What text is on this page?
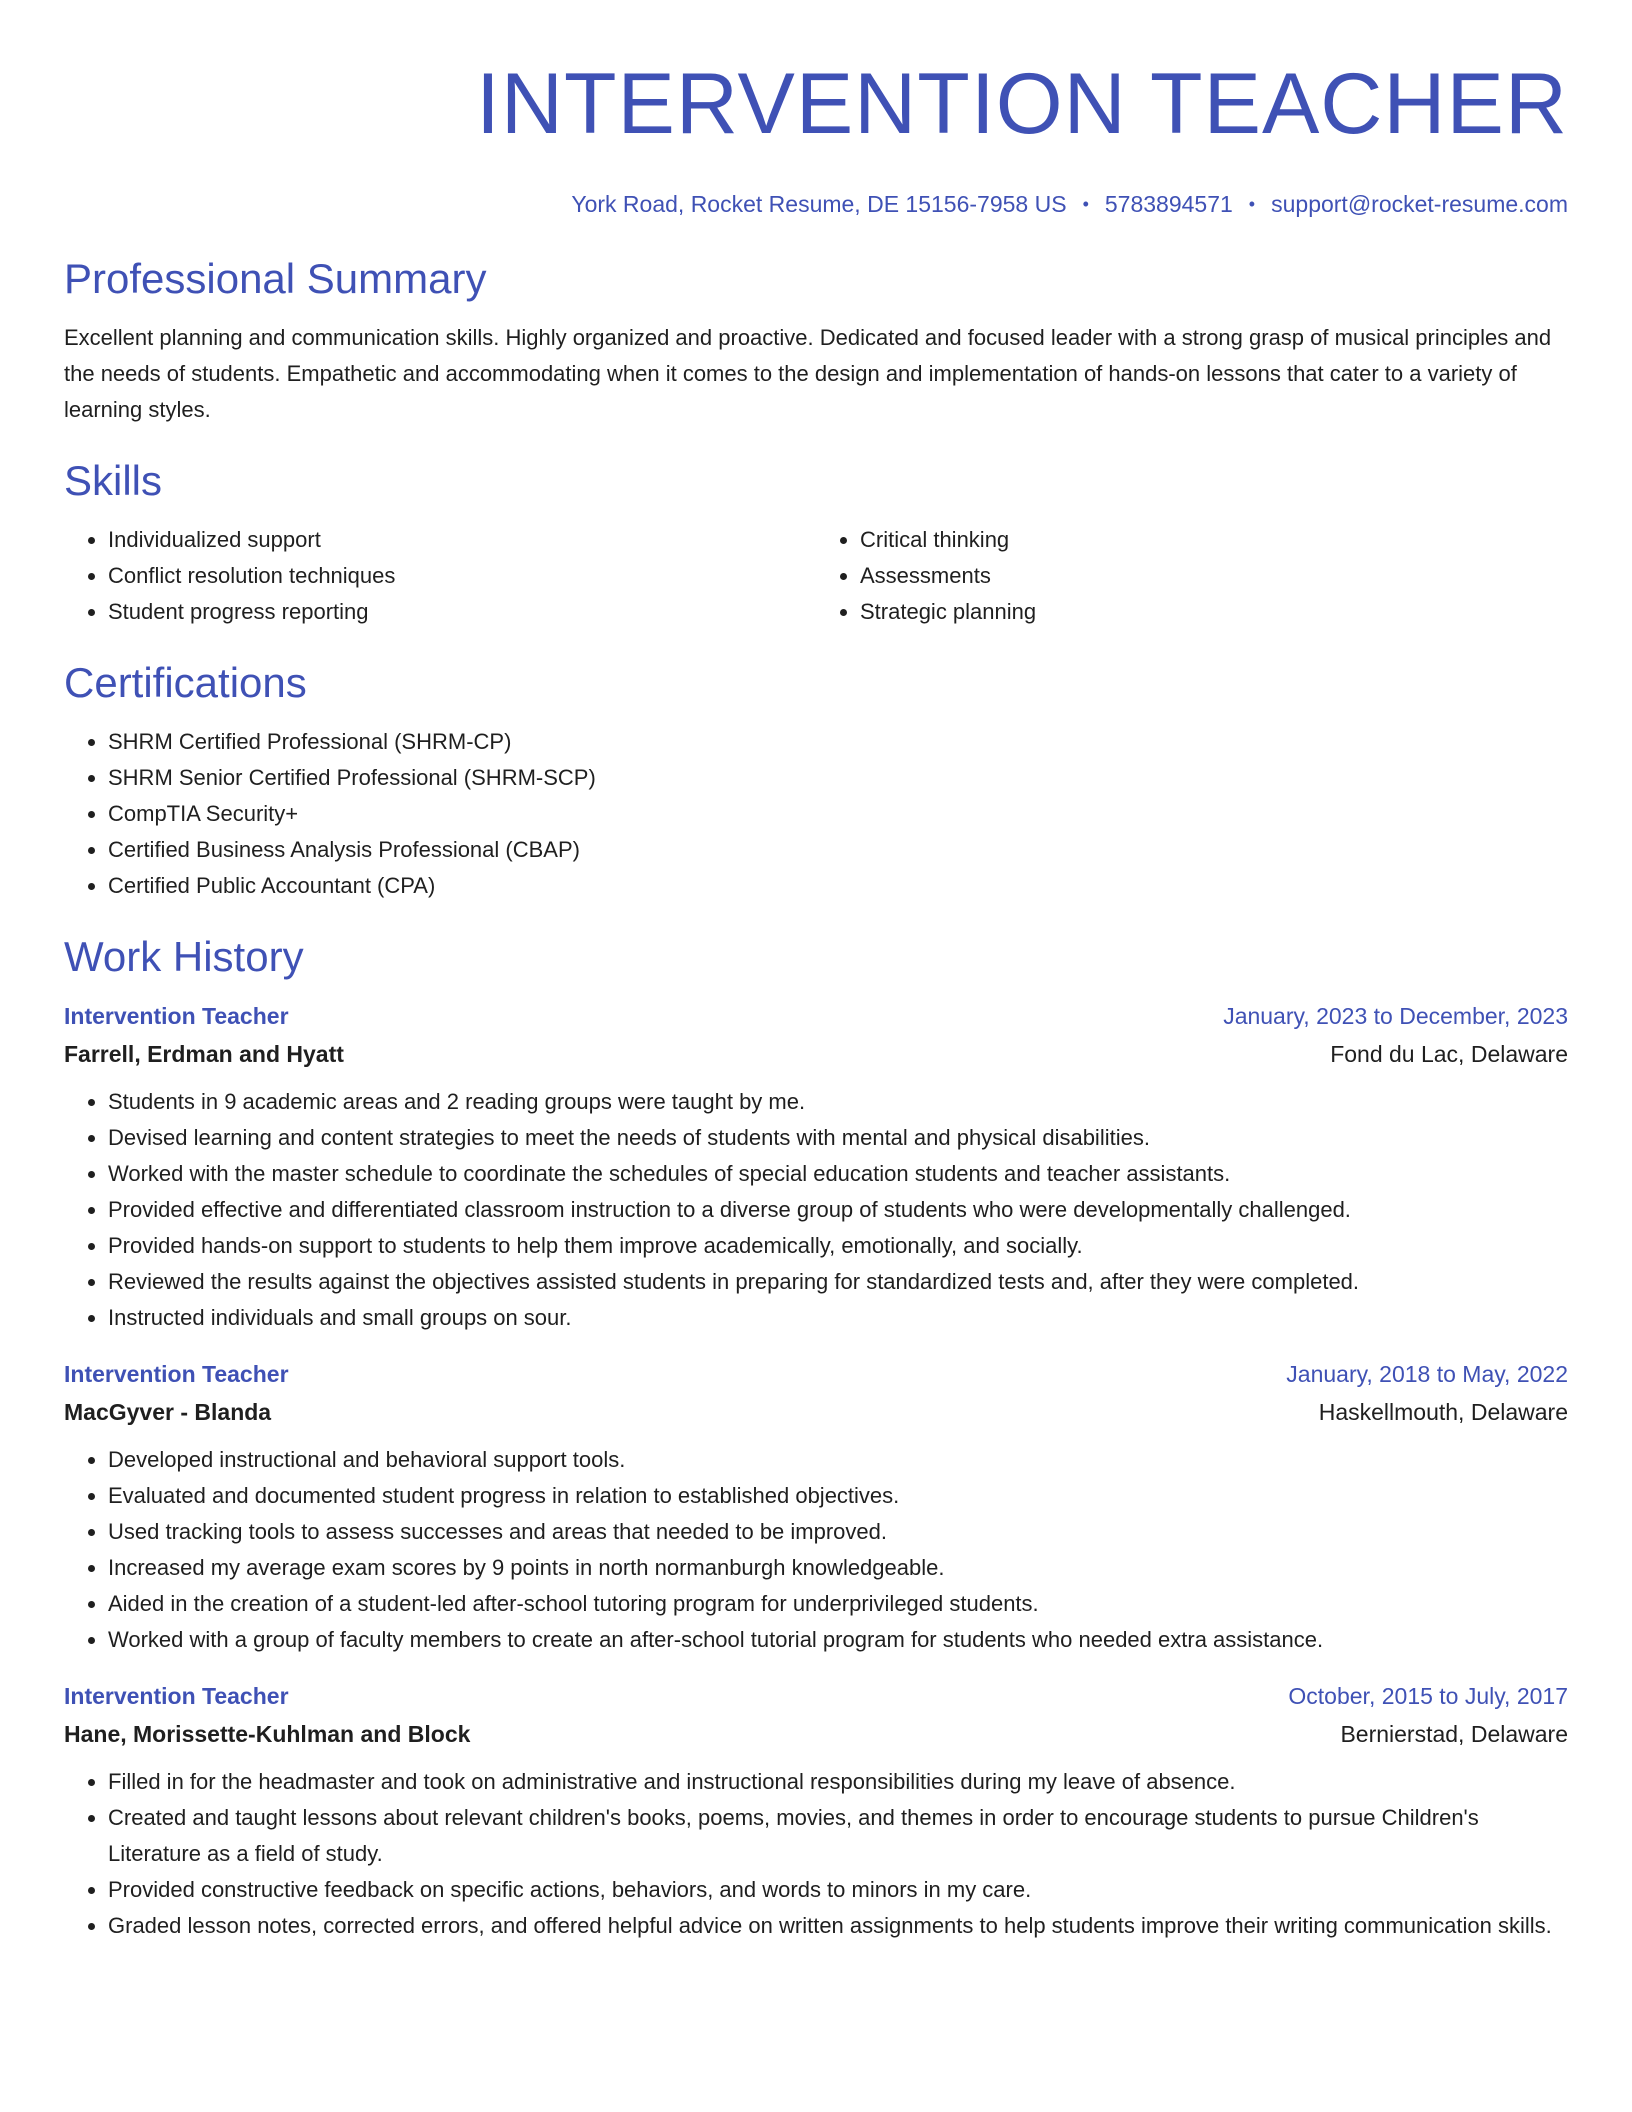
INTERVENTION TEACHER
York Road, Rocket Resume, DE 15156-7958 US • 5783894571 • support@rocket-resume.com
Professional Summary

Excellent planning and communication skills. Highly organized and proactive. Dedicated and focused leader with a strong grasp of musical principles and the needs of students. Empathetic and accommodating when it comes to the design and implementation of hands-on lessons that cater to a variety of learning styles.

Skills
• Individualized support
• Conflict resolution techniques
• Student progress reporting
• Critical thinking
• Assessments
• Strategic planning
Certifications
• SHRM Certified Professional (SHRM-CP)
• SHRM Senior Certified Professional (SHRM-SCP)
• CompTIA Security+
• Certified Business Analysis Professional (CBAP)
• Certified Public Accountant (CPA)
Work History
Intervention Teacher	January, 2023 to December, 2023
Farrell, Erdman and Hyatt	Fond du Lac, Delaware
• Students in 9 academic areas and 2 reading groups were taught by me.
• Devised learning and content strategies to meet the needs of students with mental and physical disabilities.
• Worked with the master schedule to coordinate the schedules of special education students and teacher assistants.
• Provided effective and differentiated classroom instruction to a diverse group of students who were developmentally challenged.
• Provided hands-on support to students to help them improve academically, emotionally, and socially.
• Reviewed the results against the objectives assisted students in preparing for standardized tests and, after they were completed.
• Instructed individuals and small groups on sour.
Intervention Teacher	January, 2018 to May, 2022
MacGyver - Blanda	Haskellmouth, Delaware
• Developed instructional and behavioral support tools.
• Evaluated and documented student progress in relation to established objectives.
• Used tracking tools to assess successes and areas that needed to be improved.
• Increased my average exam scores by 9 points in north normanburgh knowledgeable.
• Aided in the creation of a student-led after-school tutoring program for underprivileged students.
• Worked with a group of faculty members to create an after-school tutorial program for students who needed extra assistance.
Intervention Teacher	October, 2015 to July, 2017
Hane, Morissette-Kuhlman and Block	Bernierstad, Delaware
• Filled in for the headmaster and took on administrative and instructional responsibilities during my leave of absence.
• Created and taught lessons about relevant children's books, poems, movies, and themes in order to encourage students to pursue Children's Literature as a field of study.
• Provided constructive feedback on specific actions, behaviors, and words to minors in my care.
• Graded lesson notes, corrected errors, and offered helpful advice on written assignments to help students improve their writing communication skills.
